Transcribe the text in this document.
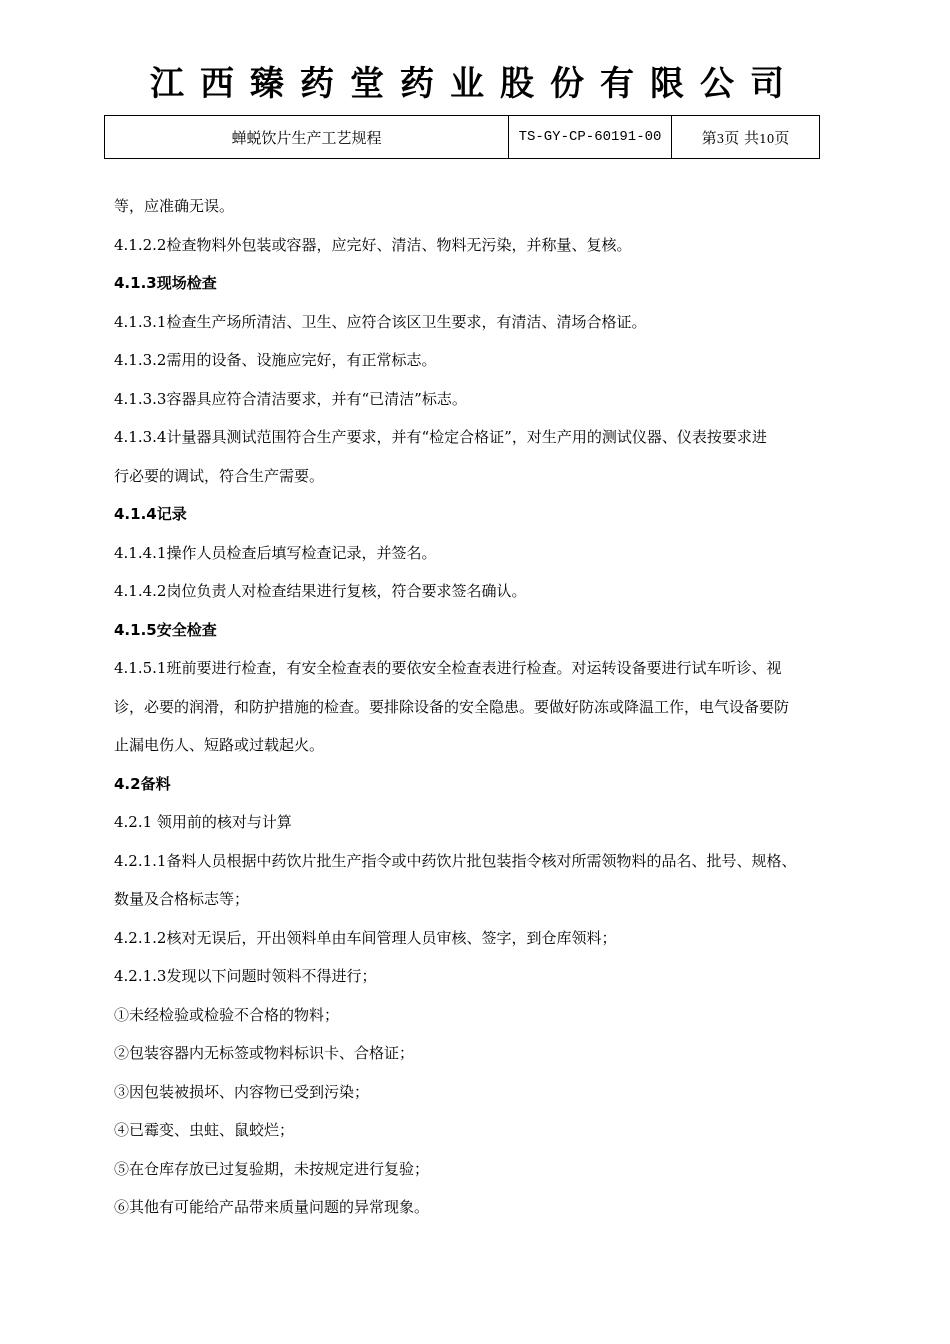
江西臻药堂药业股份有限公司
蝉蜕饮片生产工艺规程	TS-GY-CP-60191-00	第3页 共10页
等，应准确无误。
4.1.2.2检查物料外包装或容器，应完好、清洁、物料无污染，并称量、复核。
4.1.3现场检查
4.1.3.1检查生产场所清洁、卫生、应符合该区卫生要求，有清洁、清场合格证。
4.1.3.2需用的设备、设施应完好，有正常标志。
4.1.3.3容器具应符合清洁要求，并有“已清洁”标志。
4.1.3.4计量器具测试范围符合生产要求，并有“检定合格证”，对生产用的测试仪器、仪表按要求进
行必要的调试，符合生产需要。
4.1.4记录
4.1.4.1操作人员检查后填写检查记录，并签名。
4.1.4.2岗位负责人对检查结果进行复核，符合要求签名确认。
4.1.5安全检查
4.1.5.1班前要进行检查，有安全检查表的要依安全检查表进行检查。对运转设备要进行试车听诊、视
诊，必要的润滑，和防护措施的检查。要排除设备的安全隐患。要做好防冻或降温工作，电气设备要防
止漏电伤人、短路或过载起火。
4.2备料
4.2.1 领用前的核对与计算
4.2.1.1备料人员根据中药饮片批生产指令或中药饮片批包装指令核对所需领物料的品名、批号、规格、
数量及合格标志等；
4.2.1.2核对无误后，开出领料单由车间管理人员审核、签字，到仓库领料；
4.2.1.3发现以下问题时领料不得进行；
①未经检验或检验不合格的物料；
②包装容器内无标签或物料标识卡、合格证；
③因包装被损坏、内容物已受到污染；
④已霉变、虫蛀、鼠蛟烂；
⑤在仓库存放已过复验期，未按规定进行复验；
⑥其他有可能给产品带来质量问题的异常现象。
